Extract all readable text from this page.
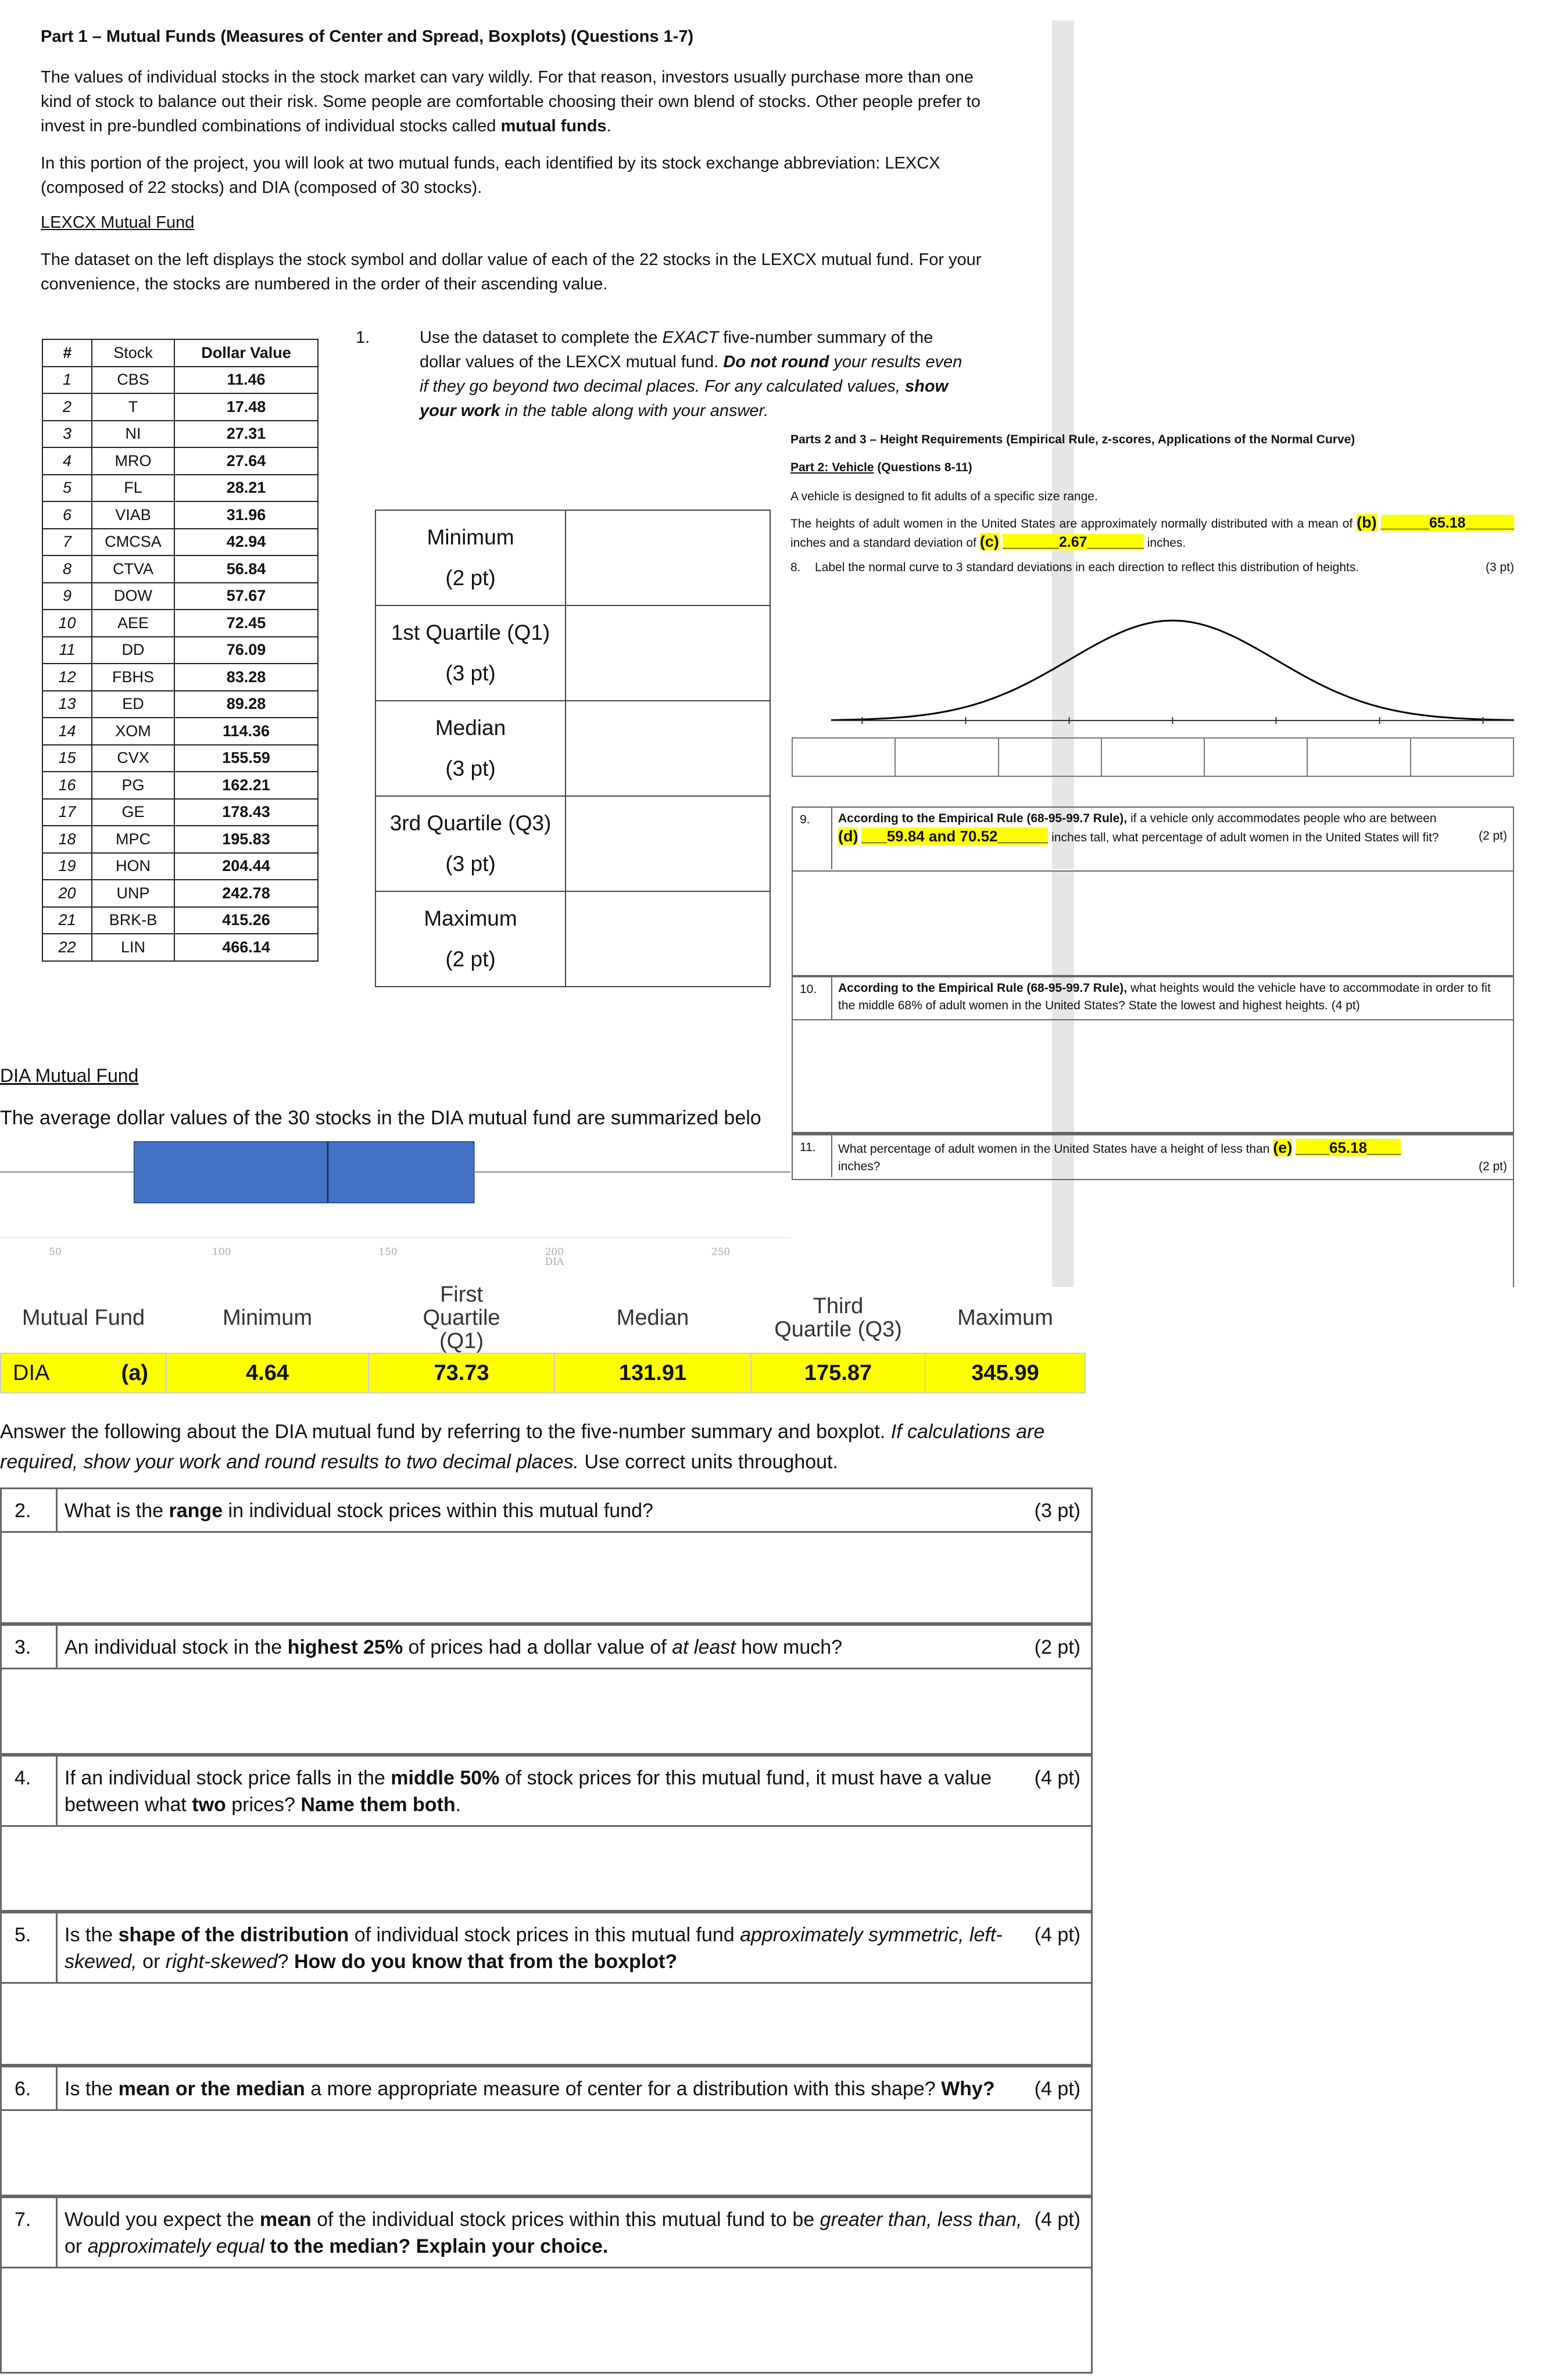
Part 1 – Mutual Funds (Measures of Center and Spread, Boxplots) (Questions 1-7)

The values of individual stocks in the stock market can vary wildly. For that reason, investors usually purchase more than one kind of stock to balance out their risk. Some people are comfortable choosing their own blend of stocks. Other people prefer to invest in pre-bundled combinations of individual stocks called mutual funds.

In this portion of the project, you will look at two mutual funds, each identified by its stock exchange abbreviation: LEXCX (composed of 22 stocks) and DIA (composed of 30 stocks).

LEXCX Mutual Fund

The dataset on the left displays the stock symbol and dollar value of each of the 22 stocks in the LEXCX mutual fund. For your convenience, the stocks are numbered in the order of their ascending value.

#	Stock	Dollar Value
1	CBS	11.46
2	T	17.48
3	NI	27.31
4	MRO	27.64
5	FL	28.21
6	VIAB	31.96
7	CMCSA	42.94
8	CTVA	56.84
9	DOW	57.67
10	AEE	72.45
11	DD	76.09
12	FBHS	83.28
13	ED	89.28
14	XOM	114.36
15	CVX	155.59
16	PG	162.21
17	GE	178.43
18	MPC	195.83
19	HON	204.44
20	UNP	242.78
21	BRK-B	415.26
22	LIN	466.14
1.	Use the dataset to complete the EXACT five-number summary of the dollar values of the LEXCX mutual fund. Do not round your results even if they go beyond two decimal places. For any calculated values, show your work in the table along with your answer.
Minimum
(2 pt)	

1st Quartile (Q1)
(3 pt)	

Median
(3 pt)	

3rd Quartile (Q3)
(3 pt)	

Maximum
(2 pt)	

Parts 2 and 3 – Height Requirements (Empirical Rule, z-scores, Applications of the Normal Curve)
Part 2: Vehicle (Questions 8-11)
A vehicle is designed to fit adults of a specific size range.
The heights of adult women in the United States are approximately normally distributed with a mean of (b) ______65.18______ inches and a standard deviation of (c) _______2.67_______ inches.
8.	Label the normal curve to 3 standard deviations in each direction to reflect this distribution of heights.	(3 pt)
9.	According to the Empirical Rule (68-95-99.7 Rule), if a vehicle only accommodates people who are between
(d) ___59.84 and 70.52______ inches tall, what percentage of adult women in the United States will fit?	(2 pt)
10.	According to the Empirical Rule (68-95-99.7 Rule), what heights would the vehicle have to accommodate in order to fit the middle 68% of adult women in the United States? State the lowest and highest heights. (4 pt)
11.	What percentage of adult women in the United States have a height of less than (e) ____65.18____
inches?	(2 pt)
DIA Mutual Fund
The average dollar values of the 30 stocks in the DIA mutual fund are summarized belo
50	100	150	200	250
DIA
Mutual Fund	Minimum	First Quartile (Q1)	Median	Third Quartile (Q3)	Maximum

DIA (a)	4.64	73.73	131.91	175.87	345.99
Answer the following about the DIA mutual fund by referring to the five-number summary and boxplot. If calculations are required, show your work and round results to two decimal places. Use correct units throughout.
2.	(3 pt)
What is the range in individual stock prices within this mutual fund?
3.	(2 pt)
An individual stock in the highest 25% of prices had a dollar value of at least how much?
4.	(4 pt)
If an individual stock price falls in the middle 50% of stock prices for this mutual fund, it must have a value between what two prices? Name them both.
5.	(4 pt)
Is the shape of the distribution of individual stock prices in this mutual fund approximately symmetric, left-skewed, or right-skewed? How do you know that from the boxplot?
6.	(4 pt)
Is the mean or the median a more appropriate measure of center for a distribution with this shape? Why?
7.	(4 pt)
Would you expect the mean of the individual stock prices within this mutual fund to be greater than, less than, or approximately equal to the median? Explain your choice.
